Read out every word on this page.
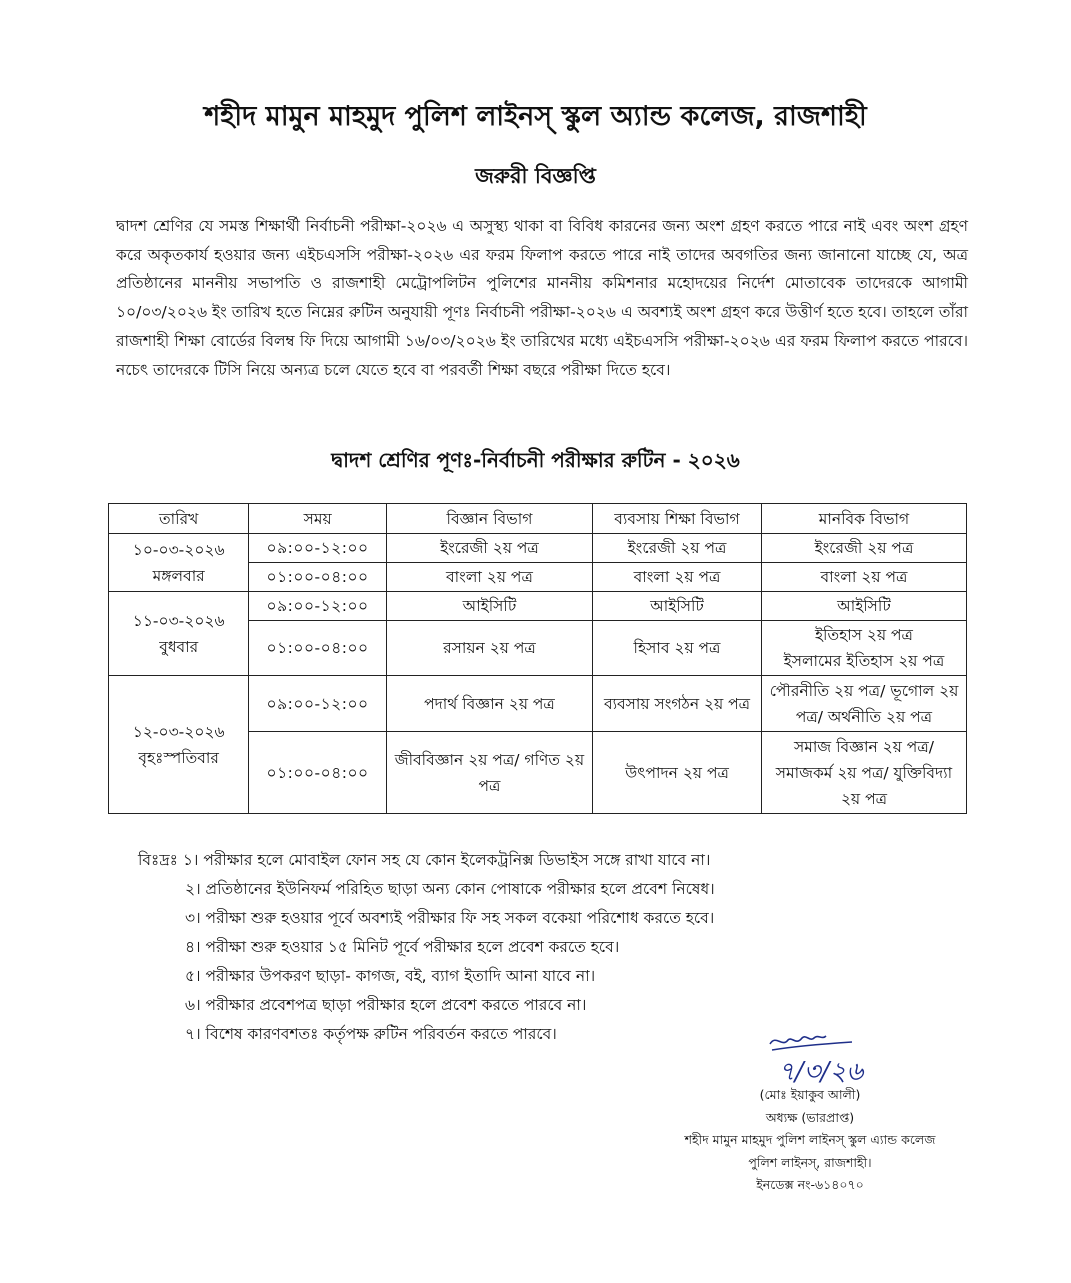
শহীদ মামুন মাহমুদ পুলিশ লাইনস্ স্কুল অ্যান্ড কলেজ, রাজশাহী
জরুরী বিজ্ঞপ্তি
দ্বাদশ শ্রেণির যে সমস্ত শিক্ষার্থী নির্বাচনী পরীক্ষা-২০২৬ এ অসুস্থ্য থাকা বা বিবিধ কারনের জন্য অংশ গ্রহণ করতে পারে নাই এবং অংশ গ্রহণ করে অকৃতকার্য হওয়ার জন্য এইচএসসি পরীক্ষা-২০২৬ এর ফরম ফিলাপ করতে পারে নাই তাদের অবগতির জন্য জানানো যাচ্ছে যে, অত্র প্রতিষ্ঠানের মাননীয় সভাপতি ও রাজশাহী মেট্রোপলিটন পুলিশের মাননীয় কমিশনার মহোদয়ের নির্দেশ মোতাবেক তাদেরকে আগামী ১০/০৩/২০২৬ ইং তারিখ হতে নিম্নের রুটিন অনুযায়ী পূণঃ নির্বাচনী পরীক্ষা-২০২৬ এ অবশ্যই অংশ গ্রহণ করে উত্তীর্ণ হতে হবে। তাহলে তাঁরা রাজশাহী শিক্ষা বোর্ডের বিলম্ব ফি দিয়ে আগামী ১৬/০৩/২০২৬ ইং তারিখের মধ্যে এইচএসসি পরীক্ষা-২০২৬ এর ফরম ফিলাপ করতে পারবে। নচেৎ তাদেরকে টিসি নিয়ে অন্যত্র চলে যেতে হবে বা পরবর্তী শিক্ষা বছরে পরীক্ষা দিতে হবে।
দ্বাদশ শ্রেণির পূণঃ-নির্বাচনী পরীক্ষার রুটিন - ২০২৬
তারিখ	সময়	বিজ্ঞান বিভাগ	ব্যবসায় শিক্ষা বিভাগ	মানবিক বিভাগ

১০-০৩-২০২৬
মঙ্গলবার	০৯:০০-১২:০০	ইংরেজী ২য় পত্র	ইংরেজী ২য় পত্র	ইংরেজী ২য় পত্র
	০১:০০-০৪:০০	বাংলা ২য় পত্র	বাংলা ২য় পত্র	বাংলা ২য় পত্র

১১-০৩-২০২৬
বুধবার	০৯:০০-১২:০০	আইসিটি	আইসিটি	আইসিটি
	০১:০০-০৪:০০	রসায়ন ২য় পত্র	হিসাব ২য় পত্র	ইতিহাস ২য় পত্র
ইসলামের ইতিহাস ২য় পত্র

১২-০৩-২০২৬
বৃহঃস্পতিবার	০৯:০০-১২:০০	পদার্থ বিজ্ঞান ২য় পত্র	ব্যবসায় সংগঠন ২য় পত্র	পৌরনীতি ২য় পত্র/ ভূগোল ২য় পত্র/ অর্থনীতি ২য় পত্র
	০১:০০-০৪:০০	জীববিজ্ঞান ২য় পত্র/ গণিত ২য় পত্র	উৎপাদন ২য় পত্র	সমাজ বিজ্ঞান ২য় পত্র/সমাজকর্ম ২য় পত্র/ যুক্তিবিদ্যা ২য় পত্র
বিঃদ্রঃ ১। পরীক্ষার হলে মোবাইল ফোন সহ যে কোন ইলেকট্রনিক্স ডিভাইস সঙ্গে রাখা যাবে না।
২। প্রতিষ্ঠানের ইউনিফর্ম পরিহিত ছাড়া অন্য কোন পোষাকে পরীক্ষার হলে প্রবেশ নিষেধ।
৩। পরীক্ষা শুরু হওয়ার পূর্বে অবশ্যই পরীক্ষার ফি সহ সকল বকেয়া পরিশোধ করতে হবে।
৪। পরীক্ষা শুরু হওয়ার ১৫ মিনিট পূর্বে পরীক্ষার হলে প্রবেশ করতে হবে।
৫। পরীক্ষার উপকরণ ছাড়া- কাগজ, বই, ব্যাগ ইতাদি আনা যাবে না।
৬। পরীক্ষার প্রবেশপত্র ছাড়া পরীক্ষার হলে প্রবেশ করতে পারবে না।
৭। বিশেষ কারণবশতঃ কর্তৃপক্ষ রুটিন পরিবর্তন করতে পারবে।
৭/৩/২৬
(মোঃ ইয়াকুব আলী)
অধ্যক্ষ (ভারপ্রাপ্ত)
শহীদ মামুন মাহমুদ পুলিশ লাইনস্ স্কুল এ্যান্ড কলেজ
পুলিশ লাইনস্, রাজশাহী।
ইনডেক্স নং-৬১৪০৭০
